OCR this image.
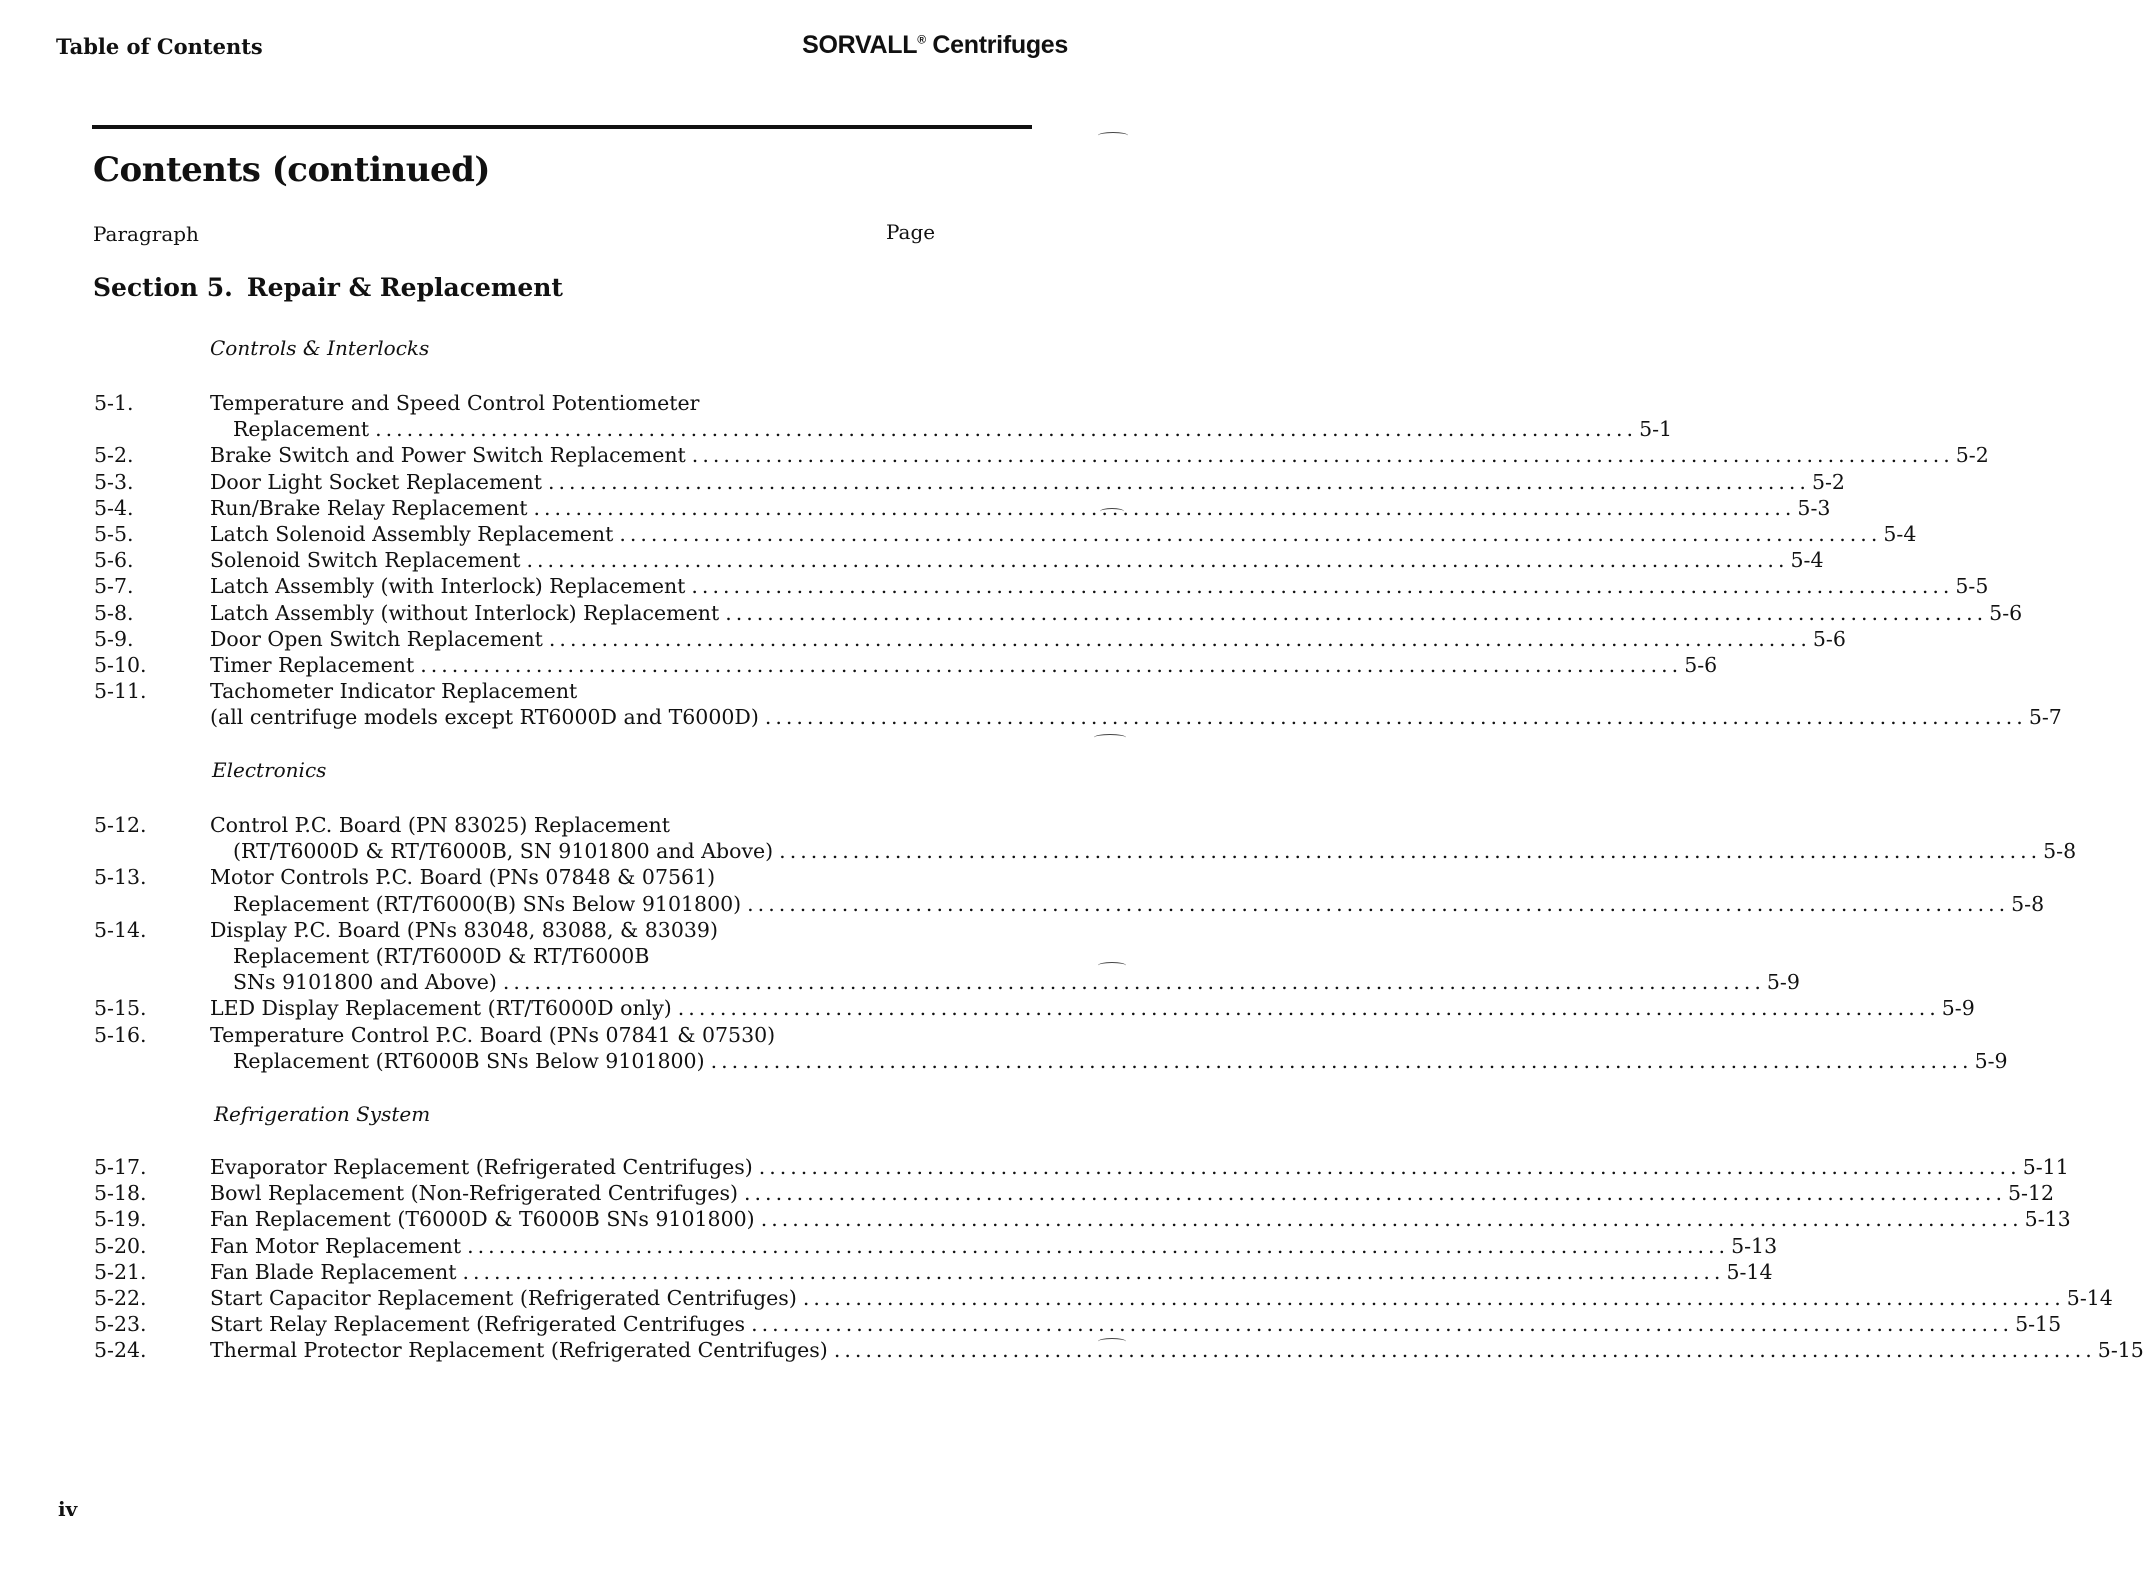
Table of Contents	SORVALL® Centrifuges
Contents (continued)
Paragraph	Page
Section 5. Repair & Replacement
Controls & Interlocks
5-1.	Temperature and Speed Control Potentiometer
Replacement ........................................................................................................................ 5-1
5-2.	Brake Switch and Power Switch Replacement ........................................................................................................................ 5-2
5-3.	Door Light Socket Replacement ........................................................................................................................ 5-2
5-4.	Run/Brake Relay Replacement ........................................................................................................................ 5-3
5-5.	Latch Solenoid Assembly Replacement ........................................................................................................................ 5-4
5-6.	Solenoid Switch Replacement ........................................................................................................................ 5-4
5-7.	Latch Assembly (with Interlock) Replacement ........................................................................................................................ 5-5
5-8.	Latch Assembly (without Interlock) Replacement ........................................................................................................................ 5-6
5-9.	Door Open Switch Replacement ........................................................................................................................ 5-6
5-10.	Timer Replacement ........................................................................................................................ 5-6
5-11.	Tachometer Indicator Replacement
(all centrifuge models except RT6000D and T6000D) ........................................................................................................................ 5-7
Electronics
5-12.	Control P.C. Board (PN 83025) Replacement
(RT/T6000D & RT/T6000B, SN 9101800 and Above) ........................................................................................................................ 5-8
5-13.	Motor Controls P.C. Board (PNs 07848 & 07561)
Replacement (RT/T6000(B) SNs Below 9101800) ........................................................................................................................ 5-8
5-14.	Display P.C. Board (PNs 83048, 83088, & 83039)
Replacement (RT/T6000D & RT/T6000B
SNs 9101800 and Above) ........................................................................................................................ 5-9
5-15.	LED Display Replacement (RT/T6000D only) ........................................................................................................................ 5-9
5-16.	Temperature Control P.C. Board (PNs 07841 & 07530)
Replacement (RT6000B SNs Below 9101800) ........................................................................................................................ 5-9
Refrigeration System
5-17.	Evaporator Replacement (Refrigerated Centrifuges) ........................................................................................................................ 5-11
5-18.	Bowl Replacement (Non-Refrigerated Centrifuges) ........................................................................................................................ 5-12
5-19.	Fan Replacement (T6000D & T6000B SNs 9101800) ........................................................................................................................ 5-13
5-20.	Fan Motor Replacement ........................................................................................................................ 5-13
5-21.	Fan Blade Replacement ........................................................................................................................ 5-14
5-22.	Start Capacitor Replacement (Refrigerated Centrifuges) ........................................................................................................................ 5-14
5-23.	Start Relay Replacement (Refrigerated Centrifuges ........................................................................................................................ 5-15
5-24.	Thermal Protector Replacement (Refrigerated Centrifuges) ........................................................................................................................ 5-15
iv
